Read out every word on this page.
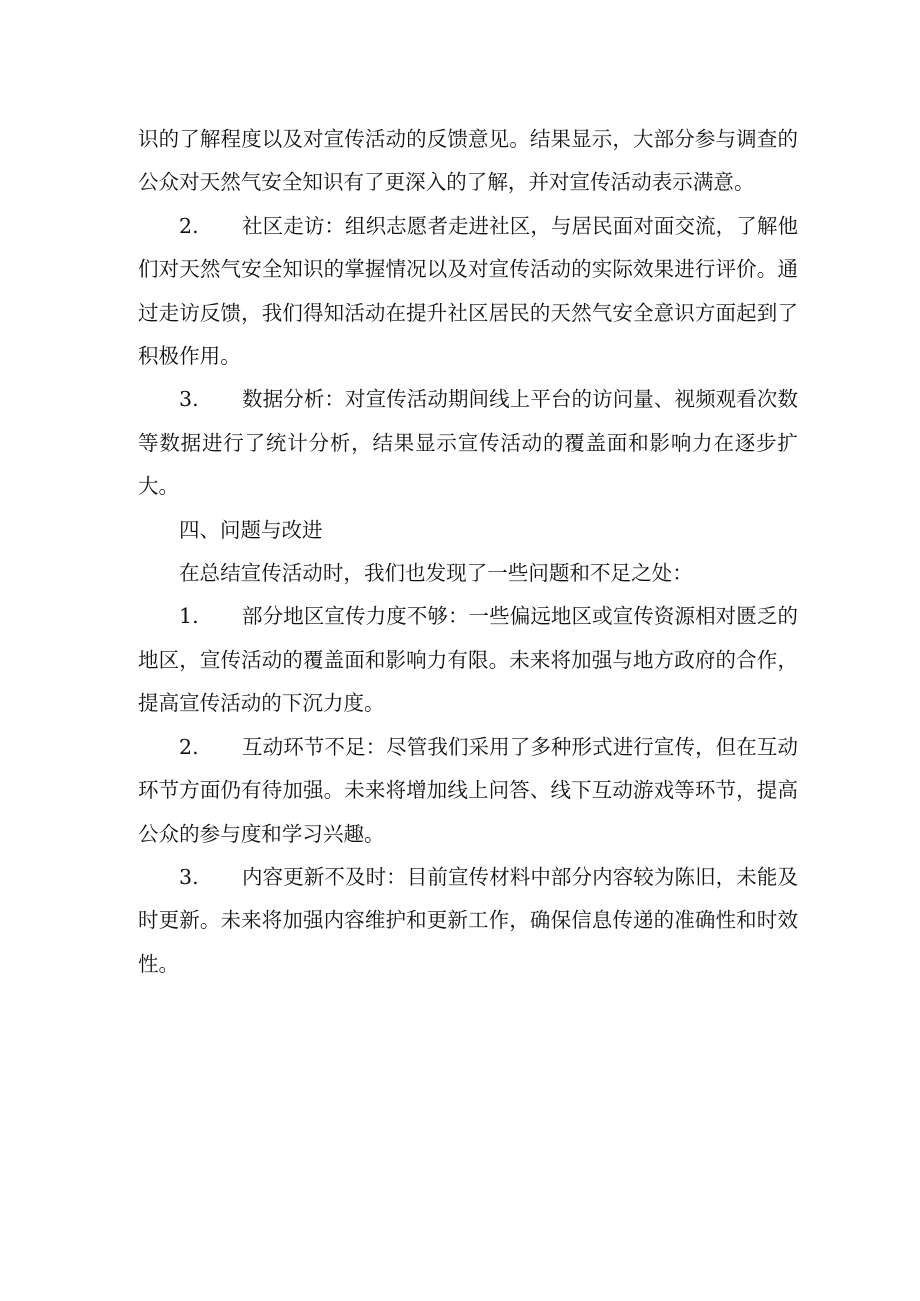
识的了解程度以及对宣传活动的反馈意见。结果显示，大部分参与调查的公众对天然气安全知识有了更深入的了解，并对宣传活动表示满意。

2. 社区走访：组织志愿者走进社区，与居民面对面交流，了解他们对天然气安全知识的掌握情况以及对宣传活动的实际效果进行评价。通过走访反馈，我们得知活动在提升社区居民的天然气安全意识方面起到了积极作用。

3. 数据分析：对宣传活动期间线上平台的访问量、视频观看次数等数据进行了统计分析，结果显示宣传活动的覆盖面和影响力在逐步扩大。

四、问题与改进

在总结宣传活动时，我们也发现了一些问题和不足之处：

1. 部分地区宣传力度不够：一些偏远地区或宣传资源相对匮乏的地区，宣传活动的覆盖面和影响力有限。未来将加强与地方政府的合作，提高宣传活动的下沉力度。

2. 互动环节不足：尽管我们采用了多种形式进行宣传，但在互动环节方面仍有待加强。未来将增加线上问答、线下互动游戏等环节，提高公众的参与度和学习兴趣。

3. 内容更新不及时：目前宣传材料中部分内容较为陈旧，未能及时更新。未来将加强内容维护和更新工作，确保信息传递的准确性和时效性。
